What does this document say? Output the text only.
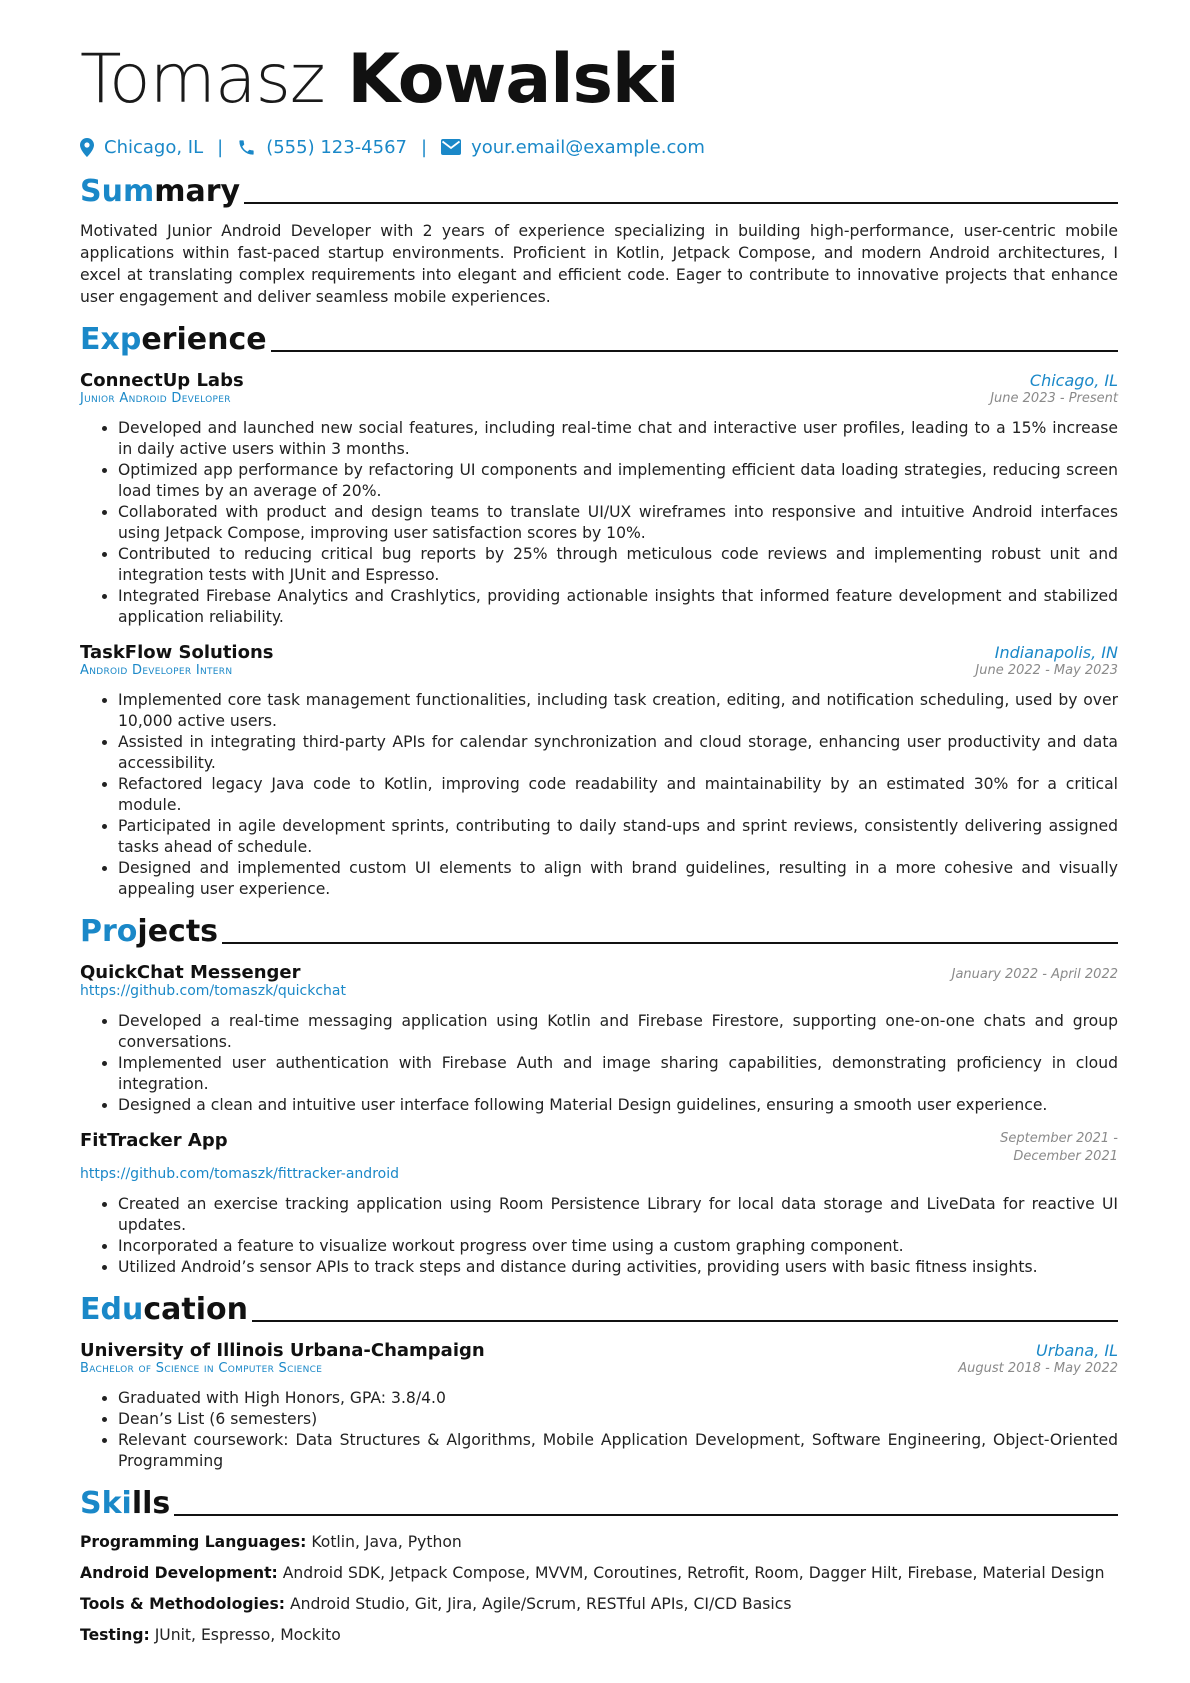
Tomasz Kowalski
Chicago, IL | (555) 123-4567 | your.email@example.com
Summary

Motivated Junior Android Developer with 2 years of experience specializing in building high-performance, user-centric mobile applications within fast-paced startup environments. Proficient in Kotlin, Jetpack Compose, and modern Android architectures, I excel at translating complex requirements into elegant and efficient code. Eager to contribute to innovative projects that enhance user engagement and deliver seamless mobile experiences.

Experience
ConnectUp Labs	Chicago, IL
Junior Android Developer	June 2023 - Present
• Developed and launched new social features, including real-time chat and interactive user profiles, leading to a 15% increase in daily active users within 3 months.
• Optimized app performance by refactoring UI components and implementing efficient data loading strategies, reducing screen load times by an average of 20%.
• Collaborated with product and design teams to translate UI/UX wireframes into responsive and intuitive Android interfaces using Jetpack Compose, improving user satisfaction scores by 10%.
• Contributed to reducing critical bug reports by 25% through meticulous code reviews and implementing robust unit and integration tests with JUnit and Espresso.
• Integrated Firebase Analytics and Crashlytics, providing actionable insights that informed feature development and stabilized application reliability.
TaskFlow Solutions	Indianapolis, IN
Android Developer Intern	June 2022 - May 2023
• Implemented core task management functionalities, including task creation, editing, and notification scheduling, used by over 10,000 active users.
• Assisted in integrating third-party APIs for calendar synchronization and cloud storage, enhancing user productivity and data accessibility.
• Refactored legacy Java code to Kotlin, improving code readability and maintainability by an estimated 30% for a critical module.
• Participated in agile development sprints, contributing to daily stand-ups and sprint reviews, consistently delivering assigned tasks ahead of schedule.
• Designed and implemented custom UI elements to align with brand guidelines, resulting in a more cohesive and visually appealing user experience.
Projects
QuickChat Messenger	January 2022 - April 2022
https://github.com/tomaszk/quickchat
• Developed a real-time messaging application using Kotlin and Firebase Firestore, supporting one-on-one chats and group conversations.
• Implemented user authentication with Firebase Auth and image sharing capabilities, demonstrating proficiency in cloud integration.
• Designed a clean and intuitive user interface following Material Design guidelines, ensuring a smooth user experience.
FitTracker App	September 2021 - December 2021
https://github.com/tomaszk/fittracker-android
• Created an exercise tracking application using Room Persistence Library for local data storage and LiveData for reactive UI updates.
• Incorporated a feature to visualize workout progress over time using a custom graphing component.
• Utilized Android’s sensor APIs to track steps and distance during activities, providing users with basic fitness insights.
Education
University of Illinois Urbana-Champaign	Urbana, IL
Bachelor of Science in Computer Science	August 2018 - May 2022
• Graduated with High Honors, GPA: 3.8/4.0
• Dean’s List (6 semesters)
• Relevant coursework: Data Structures & Algorithms, Mobile Application Development, Software Engineering, Object-Oriented Programming
Skills
Programming Languages: Kotlin, Java, Python
Android Development: Android SDK, Jetpack Compose, MVVM, Coroutines, Retrofit, Room, Dagger Hilt, Firebase, Material Design
Tools & Methodologies: Android Studio, Git, Jira, Agile/Scrum, RESTful APIs, CI/CD Basics
Testing: JUnit, Espresso, Mockito
